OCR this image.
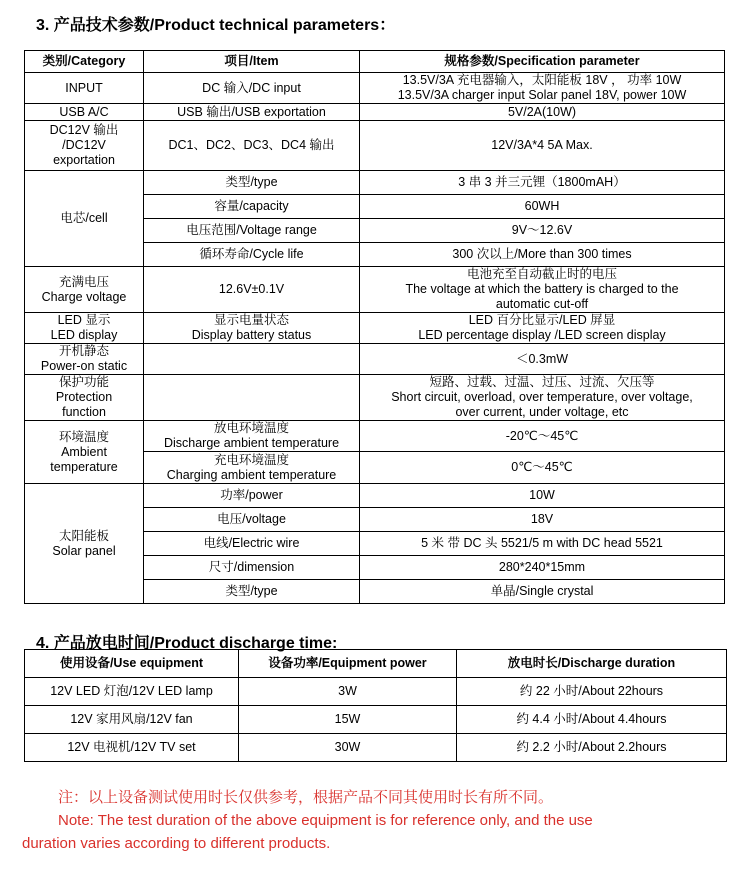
3. 产品技术参数/Product technical parameters：
类别/Category	项目/Item	规格参数/Specification parameter
INPUT	DC 输入/DC input	13.5V/3A 充电器输入，太阳能板 18V ， 功率 10W
13.5V/3A charger input Solar panel 18V, power 10W

USB A/C	USB 输出/USB exportation	5V/2A(10W)

DC12V 输出
/DC12V
exportation	DC1、DC2、DC3、DC4 输出	12V/3A*4 5A Max.
电芯/cell	类型/type	3 串 3 并三元锂（1800mAH）
	容量/capacity	60WH
	电压范围/Voltage range	9V～12.6V
	循环寿命/Cycle life	300 次以上/More than 300 times

充满电压
Charge voltage	12.6V±0.1V	电池充至自动截止时的电压
The voltage at which the battery is charged to the
automatic cut-off

LED 显示
LED display	显示电量状态
Display battery status	LED 百分比显示/LED 屏显
LED percentage display /LED screen display

开机静态
Power-on static		＜0.3mW

保护功能
Protection
function		短路、过载、过温、过压、过流、欠压等
Short circuit, overload, over temperature, over voltage,
over current, under voltage, etc

环境温度
Ambient
temperature	放电环境温度
Discharge ambient temperature	-20℃～45℃

	充电环境温度
Charging ambient temperature	0℃～45℃

太阳能板
Solar panel	功率/power	10W
	电压/voltage	18V
	电线/Electric wire	5 米 带 DC 头 5521/5 m with DC head 5521
	尺寸/dimension	280*240*15mm
	类型/type	单晶/Single crystal
4. 产品放电时间/Product discharge time:
使用设备/Use equipment	设备功率/Equipment power	放电时长/Discharge duration
12V LED 灯泡/12V LED lamp	3W	约 22 小时/About 22hours
12V 家用风扇/12V fan	15W	约 4.4 小时/About 4.4hours
12V 电视机/12V TV set	30W	约 2.2 小时/About 2.2hours
注：以上设备测试使用时长仅供参考，根据产品不同其使用时长有所不同。
Note: The test duration of the above equipment is for reference only, and the use
duration varies according to different products.
